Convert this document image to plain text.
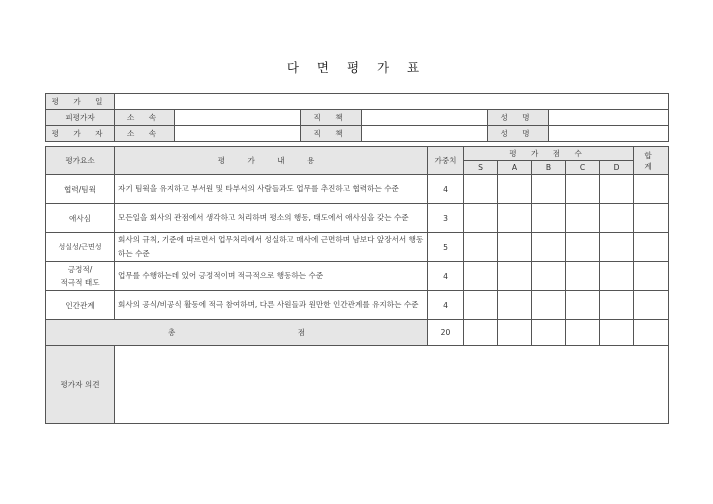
다 면 평 가 표
평 가 일						
피평가자	소 속		직 책		성 명	
평 가 자	소 속		직 책		성 명	
평가요소	평 가 내 용	가중치	평 가 점 수					합 계
			S	A	B	C	D	
협력/팀웍	자기 팀웍을 유지하고 부서원 및 타부서의 사람들과도 업무를 추진하고 협력하는 수준	4						
애사심	모든일을 회사의 관점에서 생각하고 처리하며 평소의 행동, 태도에서 애사심을 갖는 수준	3						
성실성/근면성	회사의 규칙, 기준에 따르면서 업무처리에서 성실하고 매사에 근면하며 남보다 앞장서서 행동하는 수준	5						
긍정적/
적극적 태도	업무를 수행하는데 있어 긍정적이며 적극적으로 행동하는 수준	4						
인간관계	회사의 공식/비공식 활동에 적극 참여하며, 다른 사원들과 원만한 인간관계를 유지하는 수준	4						
총 점		20						
평가자 의견								
